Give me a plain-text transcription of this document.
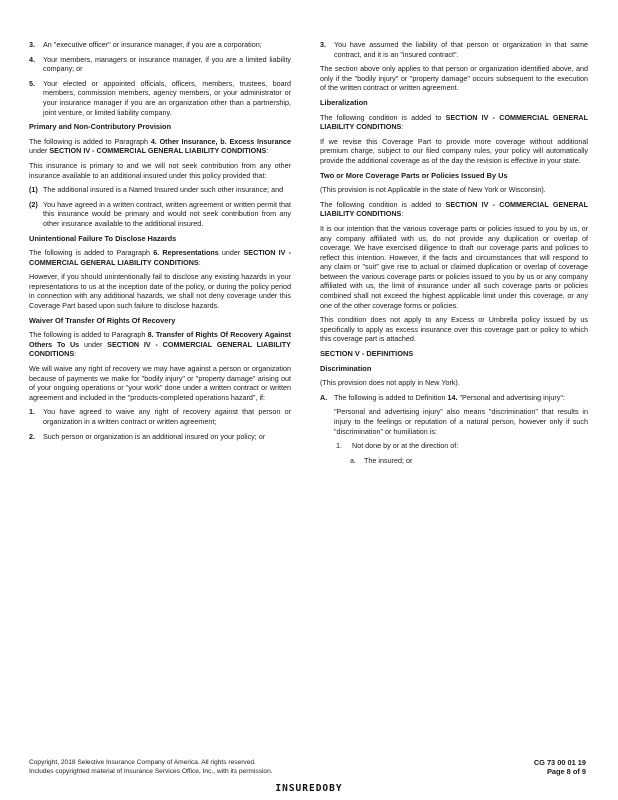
3.	An "executive officer" or insurance manager, if you are a corporation;
4.	Your members, managers or insurance manager, if you are a limited liability company; or
5.	Your elected or appointed officials, officers, members, trustees, board members, commission members, agency members, or your administrator or your insurance manager if you are an organization other than a partnership, joint venture, or limited liability company.
Primary and Non-Contributory Provision

The following is added to Paragraph 4. Other Insurance, b. Excess Insurance under SECTION IV - COMMERCIAL GENERAL LIABILITY CONDITIONS:

This insurance is primary to and we will not seek contribution from any other insurance available to an additional insured under this policy provided that:

(1) The additional insured is a Named Insured under such other insurance; and
(2) You have agreed in a written contract, written agreement or written permit that this insurance would be primary and would not seek contribution from any other insurance available to the additional insured.
Unintentional Failure To Disclose Hazards

The following is added to Paragraph 6. Representations under SECTION IV - COMMERCIAL GENERAL LIABILITY CONDITIONS:

However, if you should unintentionally fail to disclose any existing hazards in your representations to us at the inception date of the policy, or during the policy period in connection with any additional hazards, we shall not deny coverage under this Coverage Part based upon such failure to disclose hazards.

Waiver Of Transfer Of Rights Of Recovery

The following is added to Paragraph 8. Transfer of Rights Of Recovery Against Others To Us under SECTION IV - COMMERCIAL GENERAL LIABILITY CONDITIONS:

We will waive any right of recovery we may have against a person or organization because of payments we make for "bodily injury" or "property damage" arising out of your ongoing operations or "your work" done under a written contract or written agreement and included in the "products-completed operations hazard", if:

1.	You have agreed to waive any right of recovery against that person or organization in a written contract or written agreement;
2.	Such person or organization is an additional insured on your policy; or
3.	You have assumed the liability of that person or organization in that same contract, and it is an "insured contract".

The section above only applies to that person or organization identified above, and only if the "bodily injury" or "property damage" occurs subsequent to the execution of the written contract or written agreement.

Liberalization

The following condition is added to SECTION IV - COMMERCIAL GENERAL LIABILITY CONDITIONS:

If we revise this Coverage Part to provide more coverage without additional premium charge, subject to our filed company rules, your policy will automatically provide the additional coverage as of the day the revision is effective in your state.

Two or More Coverage Parts or Policies Issued By Us

(This provision is not Applicable in the state of New York or Wisconsin).

The following condition is added to SECTION IV - COMMERCIAL GENERAL LIABILITY CONDITIONS:

It is our intention that the various coverage parts or policies issued to you by us, or any company affiliated with us, do not provide any duplication or overlap of coverage. We have exercised diligence to draft our coverage parts and policies to reflect this intention. However, if the facts and circumstances that will respond to any claim or "suit" give rise to actual or claimed duplication or overlap of coverage between the various coverage parts or policies issued to you by us or any company affiliated with us, the limit of insurance under all such coverage parts or policies combined shall not exceed the highest applicable limit under this coverage, or any one of the other coverage forms or policies.

This condition does not apply to any Excess or Umbrella policy issued by us specifically to apply as excess insurance over this coverage part or policy to which this coverage part is attached.

SECTION V - DEFINITIONS
Discrimination

(This provision does not apply in New York).

A. The following is added to Definition 14. "Personal and advertising injury":

"Personal and advertising injury" also means "discrimination" that results in injury to the feelings or reputation of a natural person, however only if such "discrimination" or humiliation is:

1.	Not done by or at the direction of:
a.	The insured; or
Copyright, 2018 Selective Insurance Company of America. All rights reserved.
Includes copyrighted material of Insurance Services Office, Inc., with its permission.
CG 73 00 01 19
Page 8 of 9
INSUREDOBY
